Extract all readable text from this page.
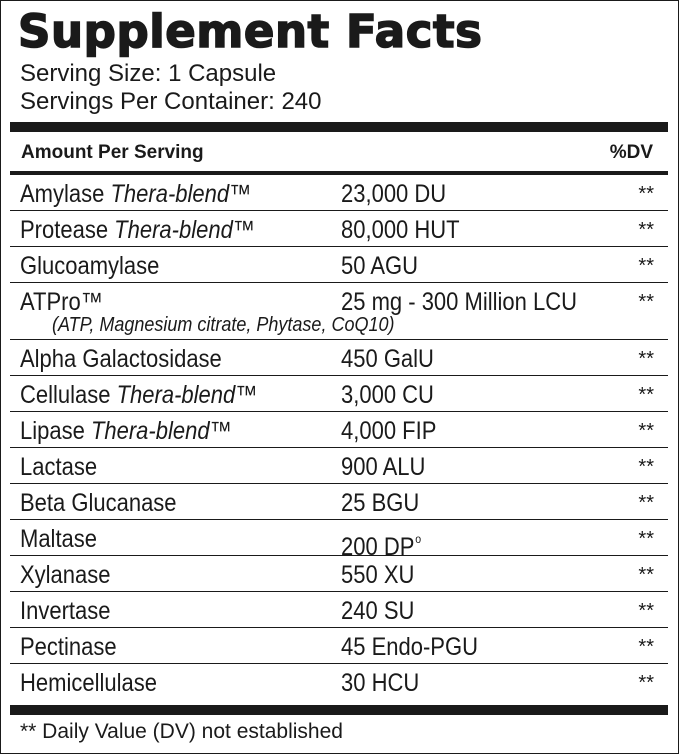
Supplement Facts
Serving Size: 1 Capsule
Servings Per Container: 240
Amount Per Serving	%DV
Amylase Thera-blend™	23,000 DU	**
Protease Thera-blend™	80,000 HUT	**
Glucoamylase	50 AGU	**
ATPro™	25 mg - 300 Million LCU	**
(ATP, Magnesium citrate, Phytase, CoQ10)
Alpha Galactosidase	450 GalU	**
Cellulase Thera-blend™	3,000 CU	**
Lipase Thera-blend™	4,000 FIP	**
Lactase	900 ALU	**
Beta Glucanase	25 BGU	**
Maltase	200 $DP^o$	**
Xylanase	550 XU	**
Invertase	240 SU	**
Pectinase	45 Endo-PGU	**
Hemicellulase	30 HCU	**
** Daily Value (DV) not established
